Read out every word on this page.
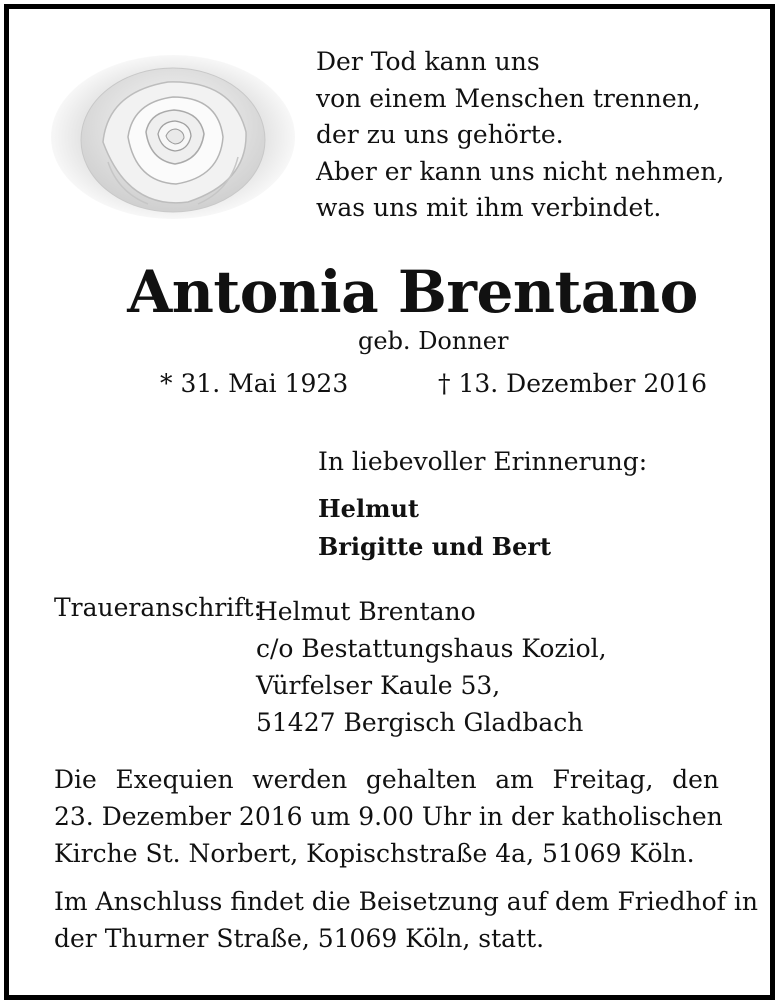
Der Tod kann uns
von einem Menschen trennen,
der zu uns gehörte.
Aber er kann uns nicht nehmen,
was uns mit ihm verbindet.
Antonia Brentano
geb. Donner
* 31. Mai 1923	† 13. Dezember 2016
In liebevoller Erinnerung:
Helmut
Brigitte und Bert
Traueranschrift:
Helmut Brentano
c/o Bestattungshaus Koziol,
Vürfelser Kaule 53,
51427 Bergisch Gladbach
Die Exequien werden gehalten am Freitag, den
23. Dezember 2016 um 9.00 Uhr in der katholischen
Kirche St. Norbert, Kopischstraße 4a, 51069 Köln.
Im Anschluss findet die Beisetzung auf dem Friedhof in
der Thurner Straße, 51069 Köln, statt.
